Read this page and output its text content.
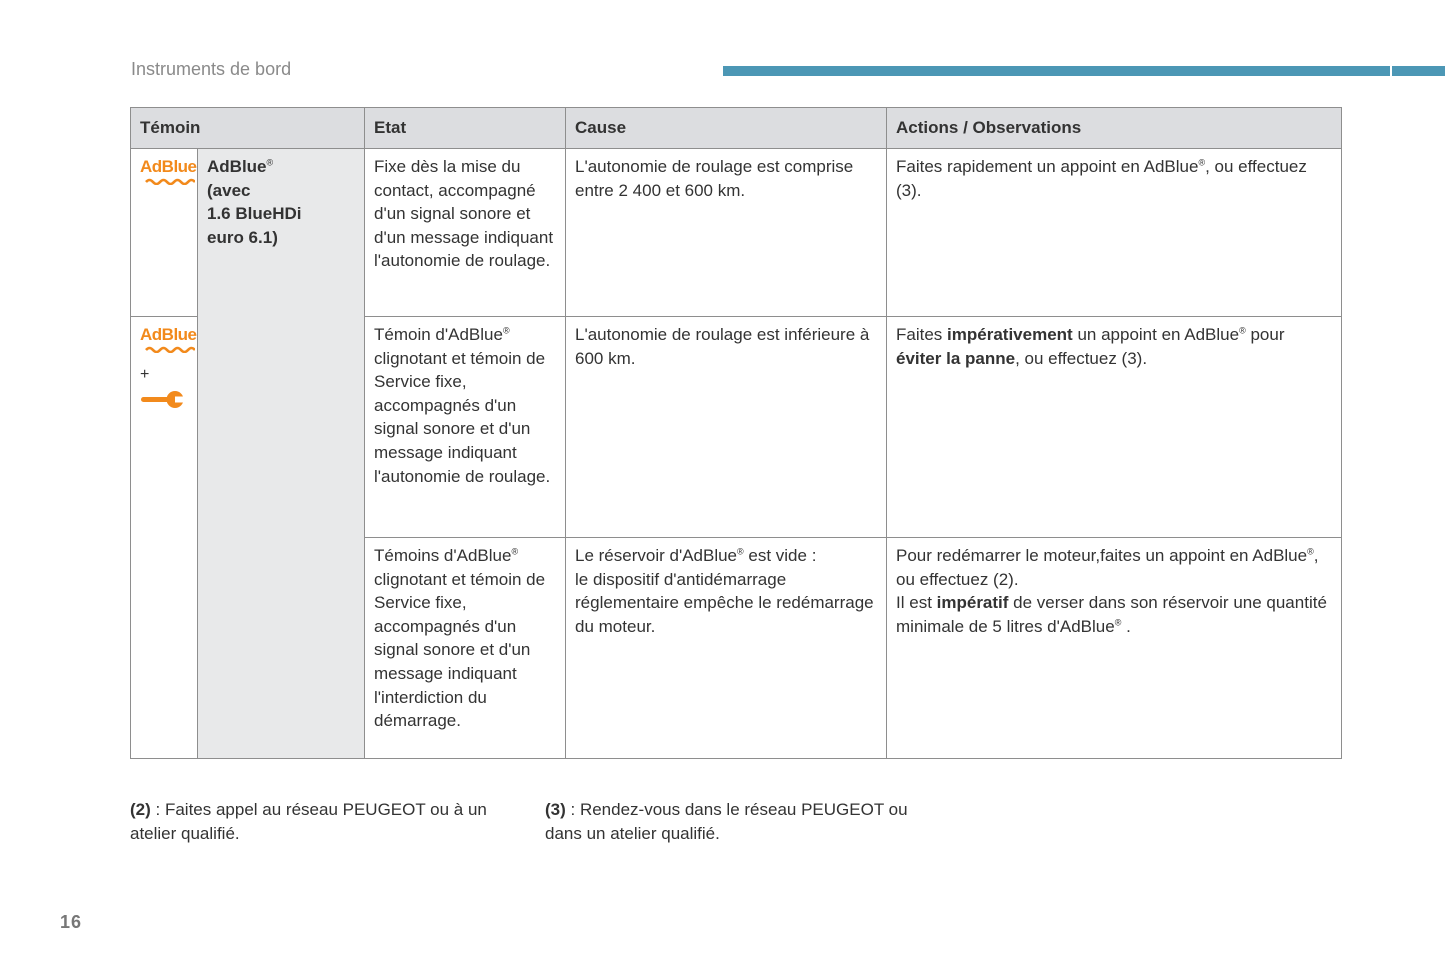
Instruments de bord
Témoin		Etat	Cause	Actions / Observations

AdBlue	AdBlue®
(avec
1.6 BlueHDi
euro 6.1)	Fixe dès la mise du contact, accompagné d'un signal sonore et d'un message indiquant l'autonomie de roulage.	L'autonomie de roulage est comprise entre 2 400 et 600 km.	Faites rapidement un appoint en AdBlue®, ou effectuez (3).

AdBlue
+		Témoin d'AdBlue® clignotant et témoin de Service fixe, accompagnés d'un signal sonore et d'un message indiquant l'autonomie de roulage.	L'autonomie de roulage est inférieure à 600 km.	Faites impérativement un appoint en AdBlue® pour éviter la panne, ou effectuez (3).
		Témoins d'AdBlue® clignotant et témoin de Service fixe, accompagnés d'un signal sonore et d'un message indiquant l'interdiction du démarrage.	Le réservoir d'AdBlue® est vide :
le dispositif d'antidémarrage réglementaire empêche le redémarrage du moteur.	Pour redémarrer le moteur,faites un appoint en AdBlue®, ou effectuez (2).
Il est impératif de verser dans son réservoir une quantité minimale de 5 litres d'AdBlue® .
(2) : Faites appel au réseau PEUGEOT ou à un atelier qualifié.
(3) : Rendez-vous dans le réseau PEUGEOT ou dans un atelier qualifié.
16
